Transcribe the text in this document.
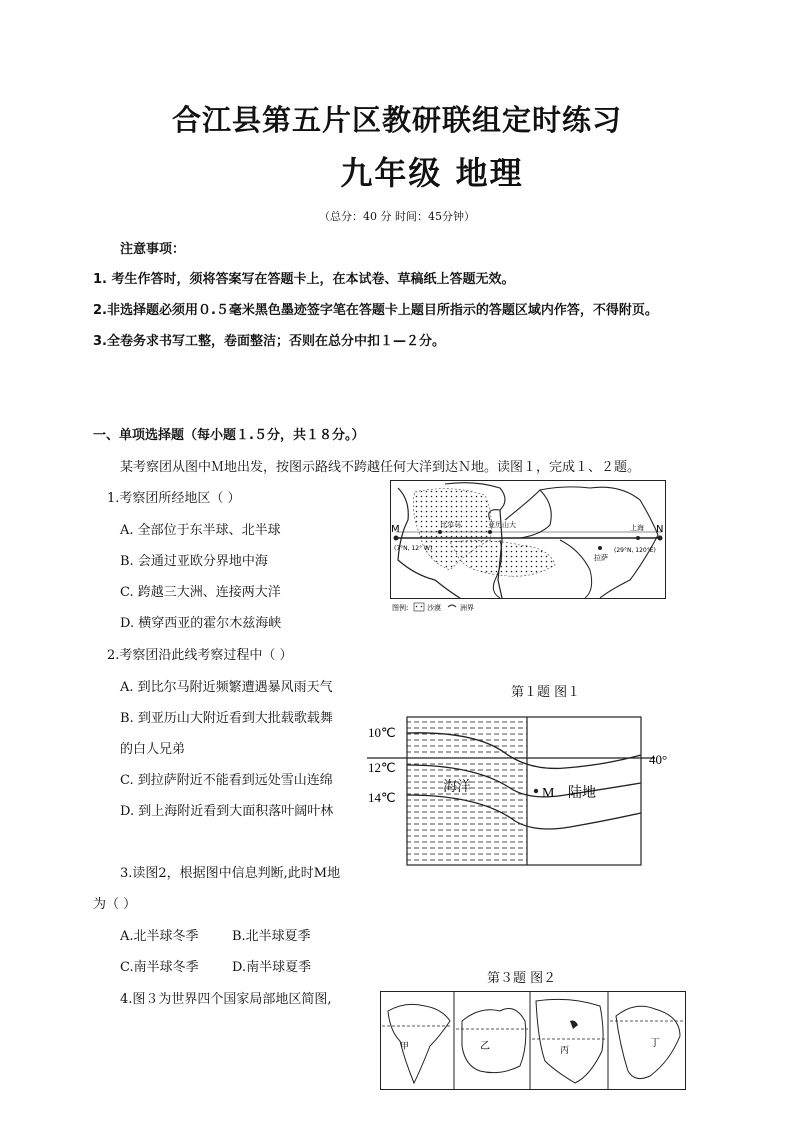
合江县第五片区教研联组定时练习
九年级 地理
（总分：40 分 时间：45分钟）
注意事项：
1. 考生作答时，须将答案写在答题卡上，在本试卷、草稿纸上答题无效。
2.非选择题必须用０.５毫米黑色墨迹签字笔在答题卡上题目所指示的答题区域内作答，不得附页。
3.全卷务求书写工整，卷面整洁；否则在总分中扣１—２分。
一、单项选择题（每小题１.５分，共１８分。）
某考察团从图中Ｍ地出发，按图示路线不跨越任何大洋到达Ｎ地。读图１，完成１、２题。
1.考察团所经地区（ ）
A. 全部位于东半球、北半球
B. 会通过亚欧分界地中海
C. 跨越三大洲、连接两大洋
D. 横穿西亚的霍尔木兹海峡
2.考察团沿此线考察过程中（ ）
A. 到比尔马附近频繁遭遇暴风雨天气
B. 到亚历山大附近看到大批载歌载舞
的白人兄弟
C. 到拉萨附近不能看到远处雪山连绵
D. 到上海附近看到大面积落叶阔叶林
3.读图2，根据图中信息判断,此时M地
为（ ）
A.北半球冬季	B.北半球夏季
C.南半球冬季	D.南半球夏季
4.图３为世界四个国家局部地区简图,
M	N
(7°N, 12° W)	(29°N, 120°E)
比尔马	亚历山大
拉萨
上海
图例:	沙漠	洲界
第１题 图１
10℃
12℃
14℃
40°
海洋	M 陆地
第３题 图２
甲	乙	丙
丁
